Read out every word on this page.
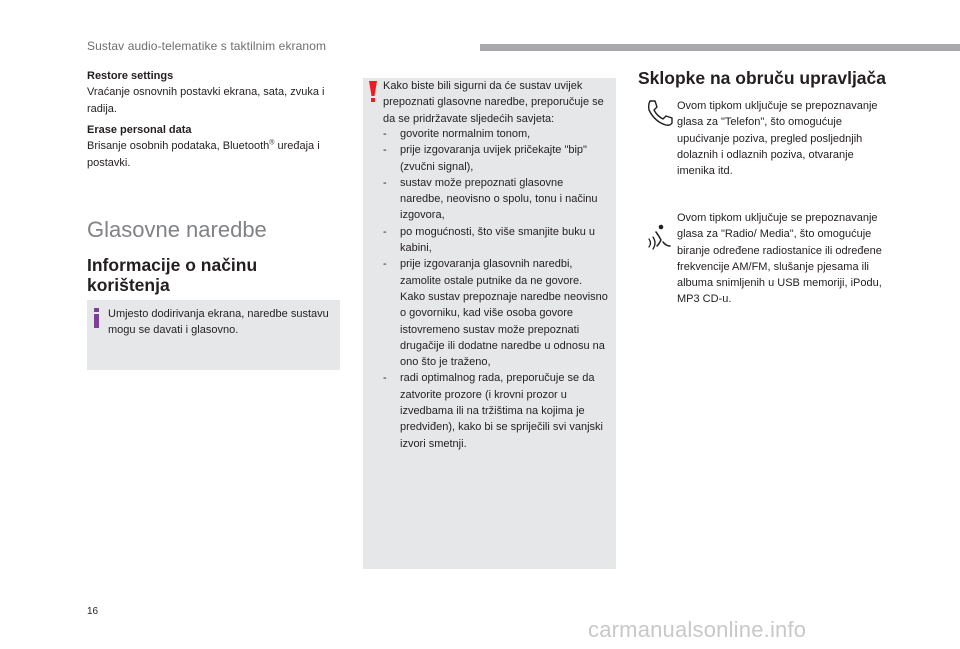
Sustav audio-telematike s taktilnim ekranom
Restore settings
Vraćanje osnovnih postavki ekrana, sata, zvuka i radija.
Erase personal data
Brisanje osobnih podataka, Bluetooth® uređaja i postavki.
Glasovne naredbe
Informacije o načinu korištenja
Umjesto dodirivanja ekrana, naredbe sustavu mogu se davati i glasovno.
Kako biste bili sigurni da će sustav uvijek prepoznati glasovne naredbe, preporučuje se da se pridržavate sljedećih savjeta:
- govorite normalnim tonom,
- prije izgovaranja uvijek pričekajte "bip" (zvučni signal),
- sustav može prepoznati glasovne naredbe, neovisno o spolu, tonu i načinu izgovora,
- po mogućnosti, što više smanjite buku u kabini,
- prije izgovaranja glasovnih naredbi, zamolite ostale putnike da ne govore. Kako sustav prepoznaje naredbe neovisno o govorniku, kad više osoba govore istovremeno sustav može prepoznati drugačije ili dodatne naredbe u odnosu na ono što je traženo,
- radi optimalnog rada, preporučuje se da zatvorite prozore (i krovni prozor u izvedbama ili na tržištima na kojima je predviđen), kako bi se spriječili svi vanjski izvori smetnji.
Sklopke na obruču upravljača
Ovom tipkom uključuje se prepoznavanje glasa za "Telefon", što omogućuje upućivanje poziva, pregled posljednjih dolaznih i odlaznih poziva, otvaranje imenika itd.
Ovom tipkom uključuje se prepoznavanje glasa za "Radio/ Media", što omogućuje biranje određene radiostanice ili određene frekvencije AM/FM, slušanje pjesama ili albuma snimljenih u USB memoriji, iPodu, MP3 CD-u.
16
carmanualsonline.info
